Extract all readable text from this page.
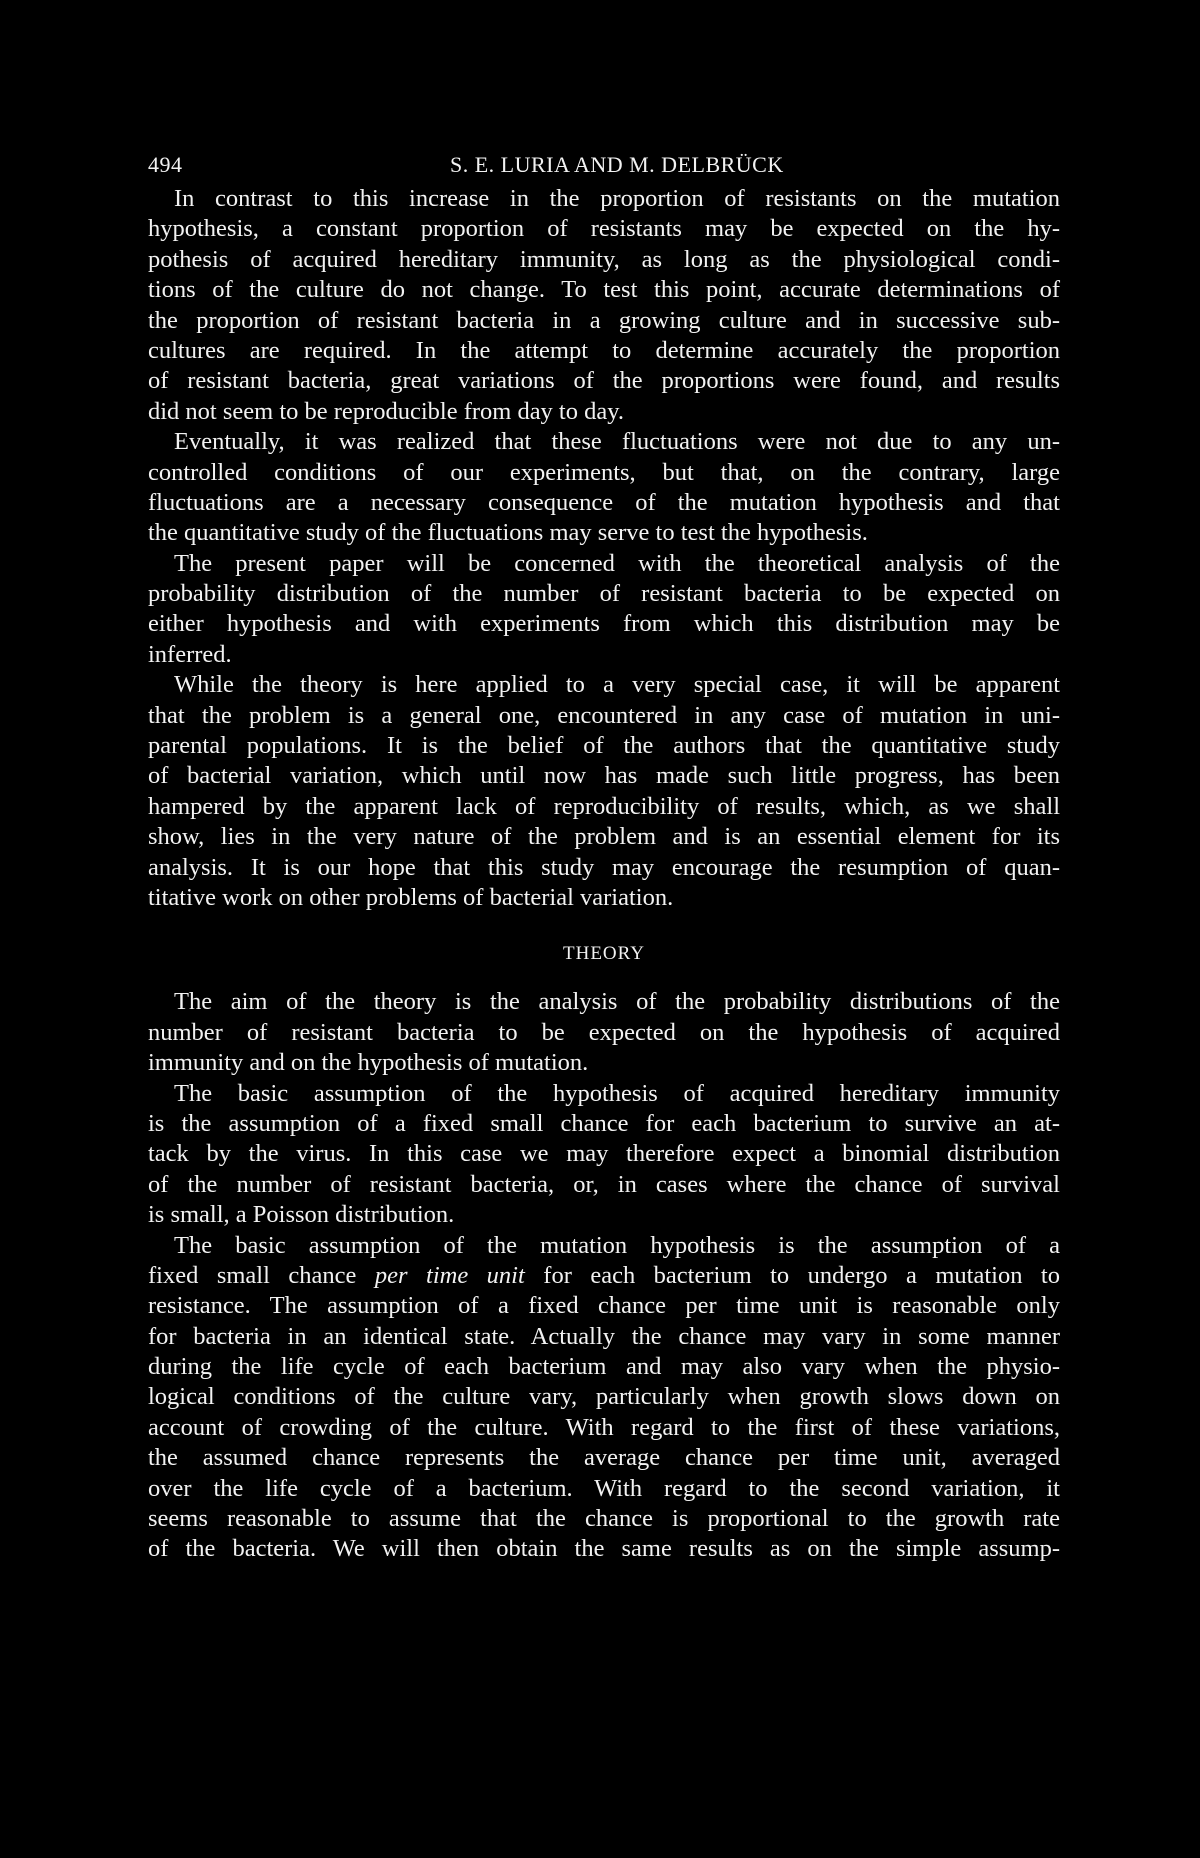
494	S. E. LURIA AND M. DELBRÜCK
In contrast to this increase in the proportion of resistants on the mutation
hypothesis, a constant proportion of resistants may be expected on the hy-
pothesis of acquired hereditary immunity, as long as the physiological condi-
tions of the culture do not change. To test this point, accurate determinations of
the proportion of resistant bacteria in a growing culture and in successive sub-
cultures are required. In the attempt to determine accurately the proportion
of resistant bacteria, great variations of the proportions were found, and results
did not seem to be reproducible from day to day.
Eventually, it was realized that these fluctuations were not due to any un-
controlled conditions of our experiments, but that, on the contrary, large
fluctuations are a necessary consequence of the mutation hypothesis and that
the quantitative study of the fluctuations may serve to test the hypothesis.
The present paper will be concerned with the theoretical analysis of the
probability distribution of the number of resistant bacteria to be expected on
either hypothesis and with experiments from which this distribution may be
inferred.
While the theory is here applied to a very special case, it will be apparent
that the problem is a general one, encountered in any case of mutation in uni-
parental populations. It is the belief of the authors that the quantitative study
of bacterial variation, which until now has made such little progress, has been
hampered by the apparent lack of reproducibility of results, which, as we shall
show, lies in the very nature of the problem and is an essential element for its
analysis. It is our hope that this study may encourage the resumption of quan-
titative work on other problems of bacterial variation.
THEORY
The aim of the theory is the analysis of the probability distributions of the
number of resistant bacteria to be expected on the hypothesis of acquired
immunity and on the hypothesis of mutation.
The basic assumption of the hypothesis of acquired hereditary immunity
is the assumption of a fixed small chance for each bacterium to survive an at-
tack by the virus. In this case we may therefore expect a binomial distribution
of the number of resistant bacteria, or, in cases where the chance of survival
is small, a Poisson distribution.
The basic assumption of the mutation hypothesis is the assumption of a
fixed small chance per time unit for each bacterium to undergo a mutation to
resistance. The assumption of a fixed chance per time unit is reasonable only
for bacteria in an identical state. Actually the chance may vary in some manner
during the life cycle of each bacterium and may also vary when the physio-
logical conditions of the culture vary, particularly when growth slows down on
account of crowding of the culture. With regard to the first of these variations,
the assumed chance represents the average chance per time unit, averaged
over the life cycle of a bacterium. With regard to the second variation, it
seems reasonable to assume that the chance is proportional to the growth rate
of the bacteria. We will then obtain the same results as on the simple assump-
